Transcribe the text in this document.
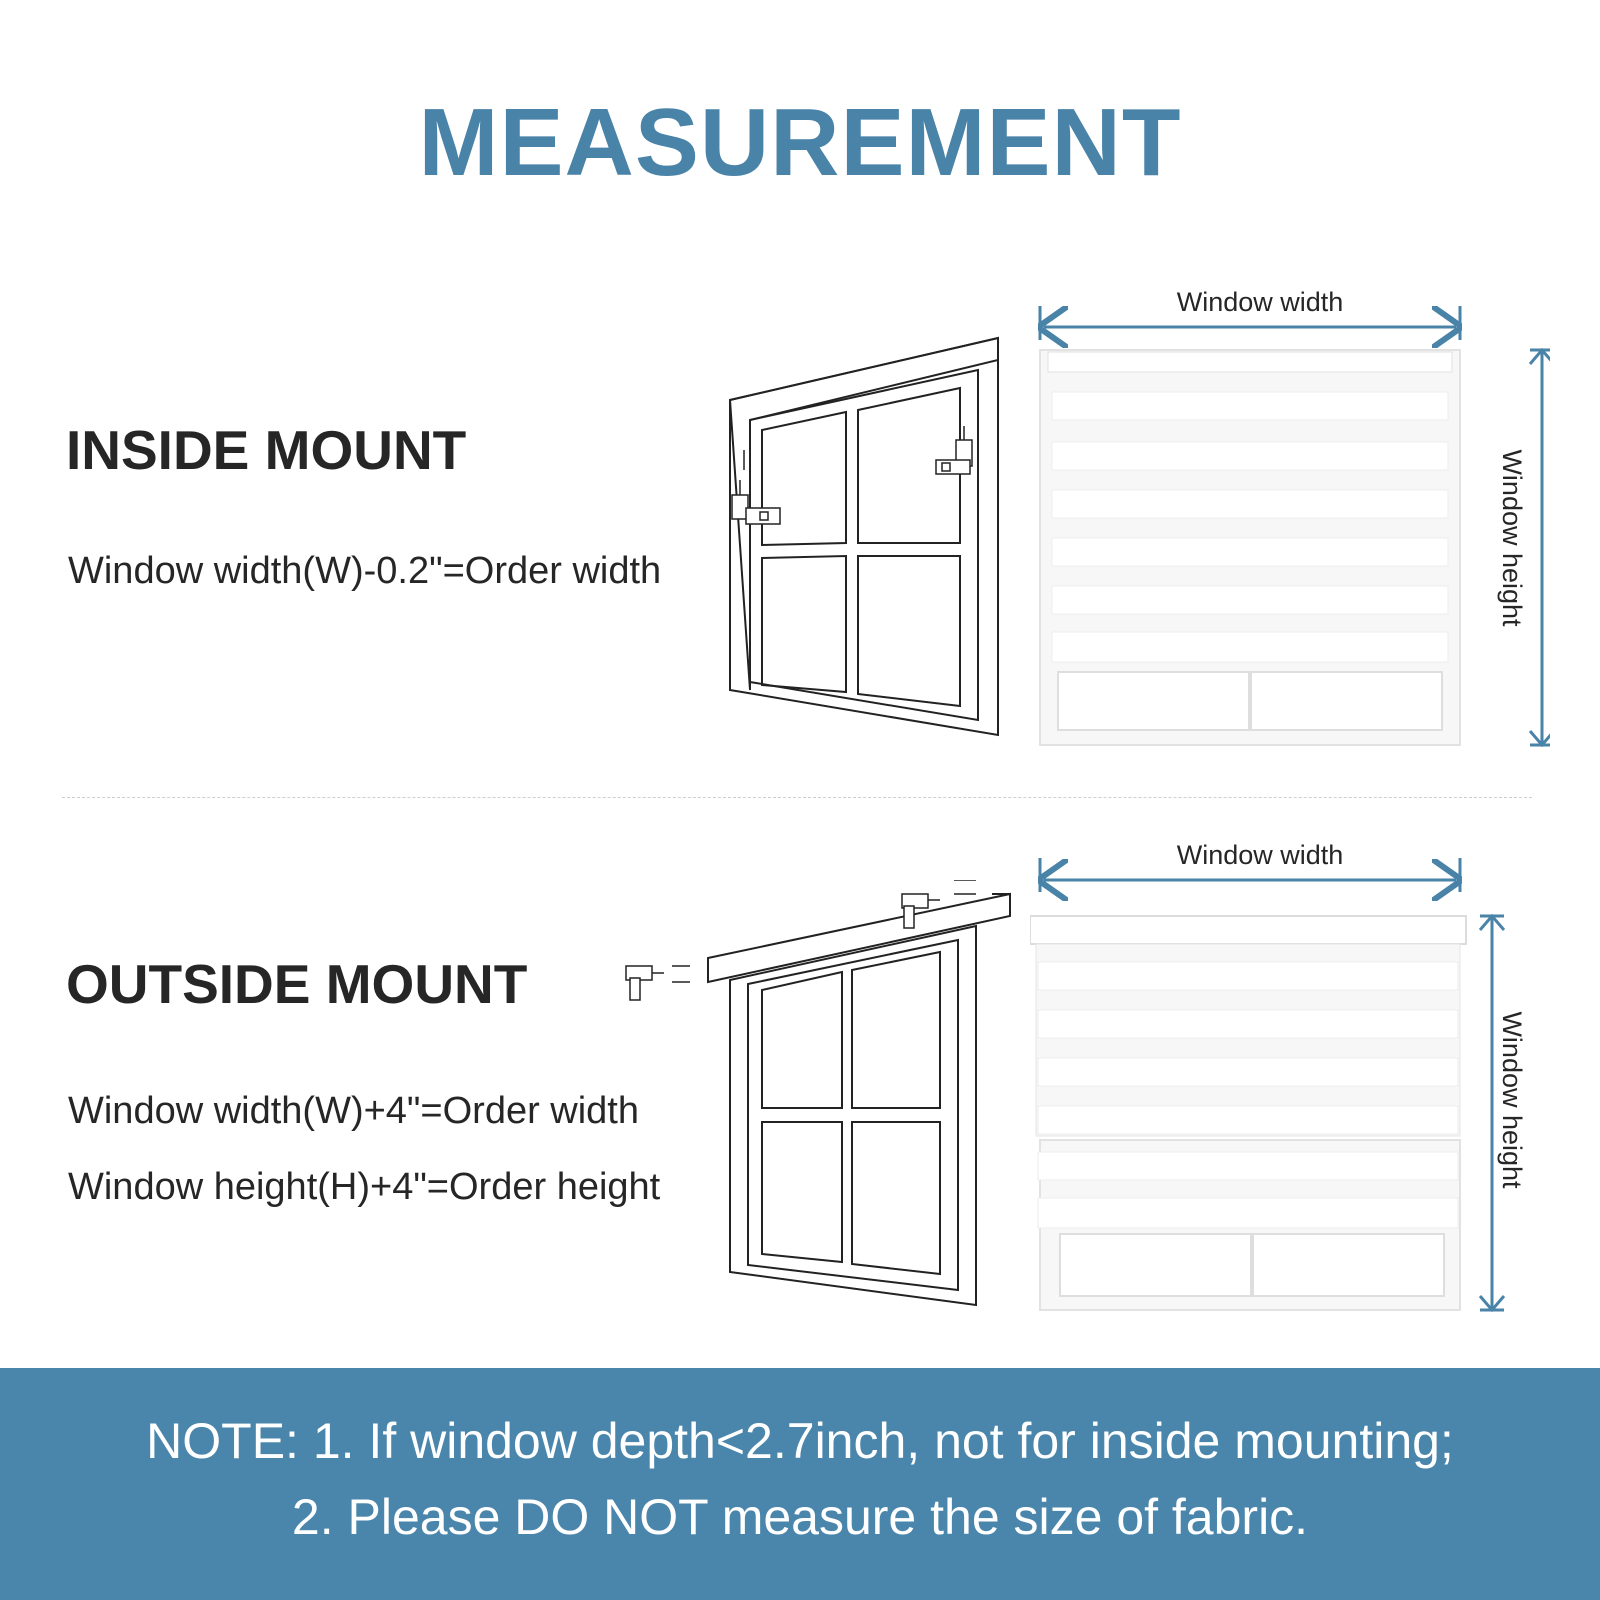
MEASUREMENT
INSIDE MOUNT
Window width(W)-0.2"=Order width
Window width
Window height
OUTSIDE MOUNT
Window width(W)+4"=Order width
Window height(H)+4"=Order height
Window width
Window height
NOTE: 1. If window depth<2.7inch, not for inside mounting;
2. Please DO NOT measure the size of fabric.
